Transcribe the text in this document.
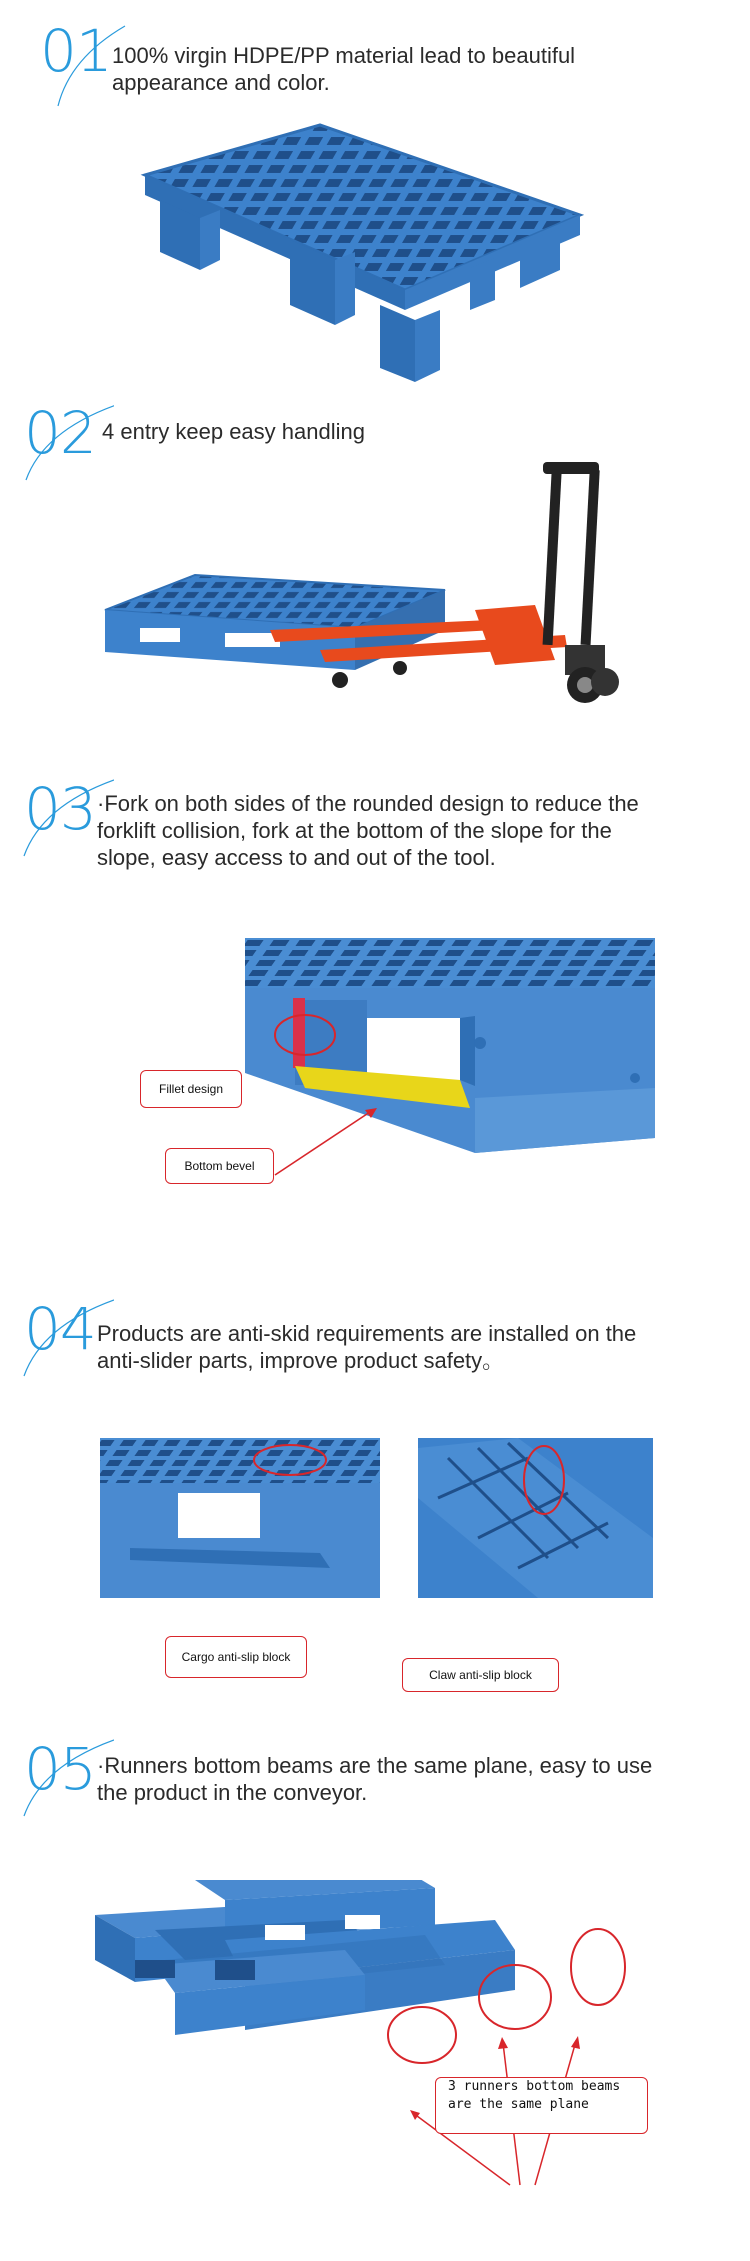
01 100% virgin HDPE/PP material lead to beautiful appearance and color.
02 4 entry keep easy handling
03 ·Fork on both sides of the rounded design to reduce the forklift collision, fork at the bottom of the slope for the slope, easy access to and out of the tool.
Fillet design
Bottom bevel
04 Products are anti-skid requirements are installed on the anti-slider parts, improve product safety。
Cargo anti-slip block
Claw anti-slip block
05 ·Runners bottom beams are the same plane, easy to use the product in the conveyor.
3 runners bottom beams
are the same plane
